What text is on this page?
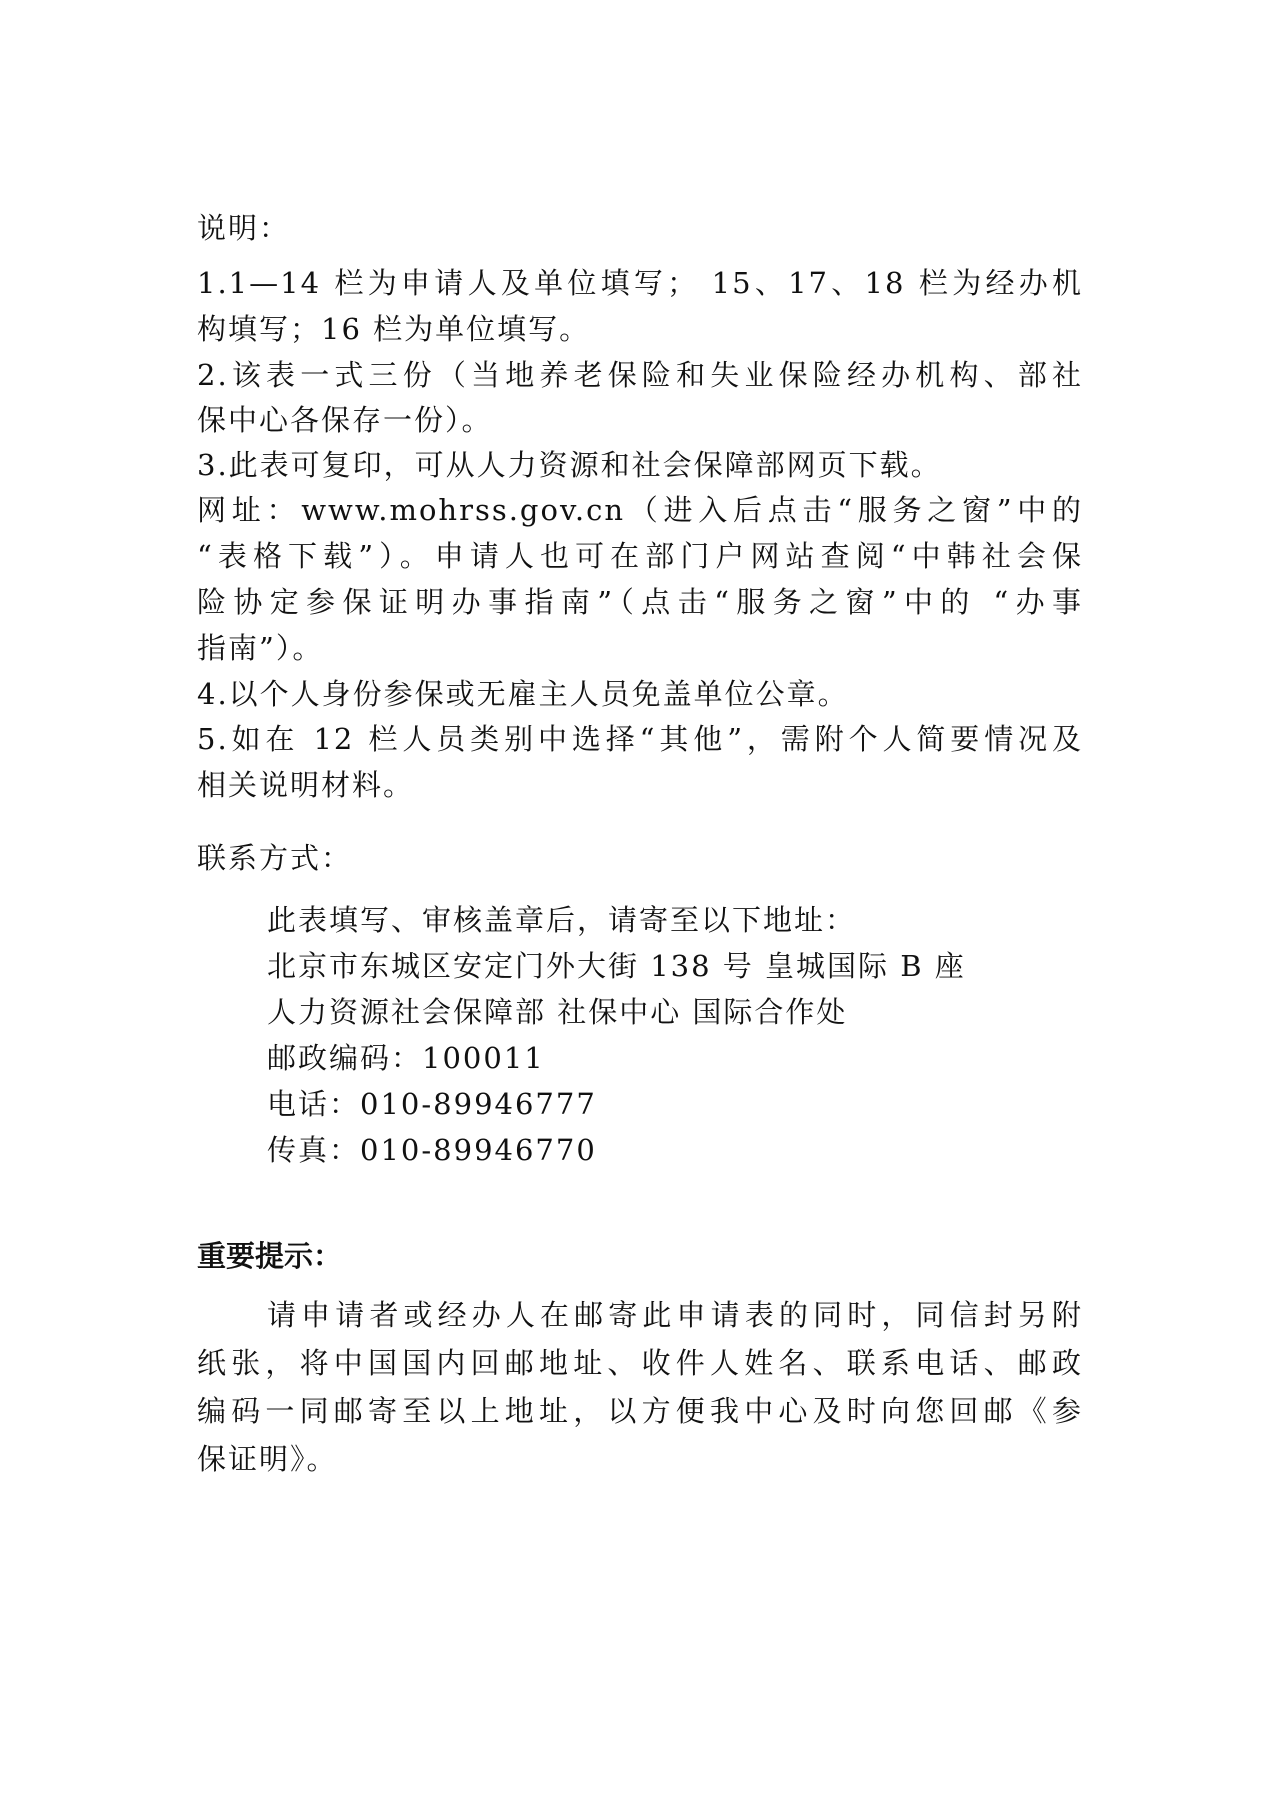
说明：
1.1—14 栏为申请人及单位填写； 15、17、18 栏为经办机
构填写；16 栏为单位填写。
2.该表一式三份（当地养老保险和失业保险经办机构、部社
保中心各保存一份）。
3.此表可复印，可从人力资源和社会保障部网页下载。
网址：www.mohrss.gov.cn（进入后点击“服务之窗”中的
“表格下载”）。申请人也可在部门户网站查阅“中韩社会保
险协定参保证明办事指南”（点击“服务之窗”中的 “办事
指南”）。
4.以个人身份参保或无雇主人员免盖单位公章。
5.如在 12 栏人员类别中选择“其他”，需附个人简要情况及
相关说明材料。
联系方式：
此表填写、审核盖章后，请寄至以下地址：
北京市东城区安定门外大街 138 号 皇城国际 B 座
人力资源社会保障部 社保中心 国际合作处
邮政编码：100011
电话：010-89946777
传真：010-89946770
重要提示：
请申请者或经办人在邮寄此申请表的同时，同信封另附
纸张，将中国国内回邮地址、收件人姓名、联系电话、邮政
编码一同邮寄至以上地址，以方便我中心及时向您回邮《参
保证明》。
